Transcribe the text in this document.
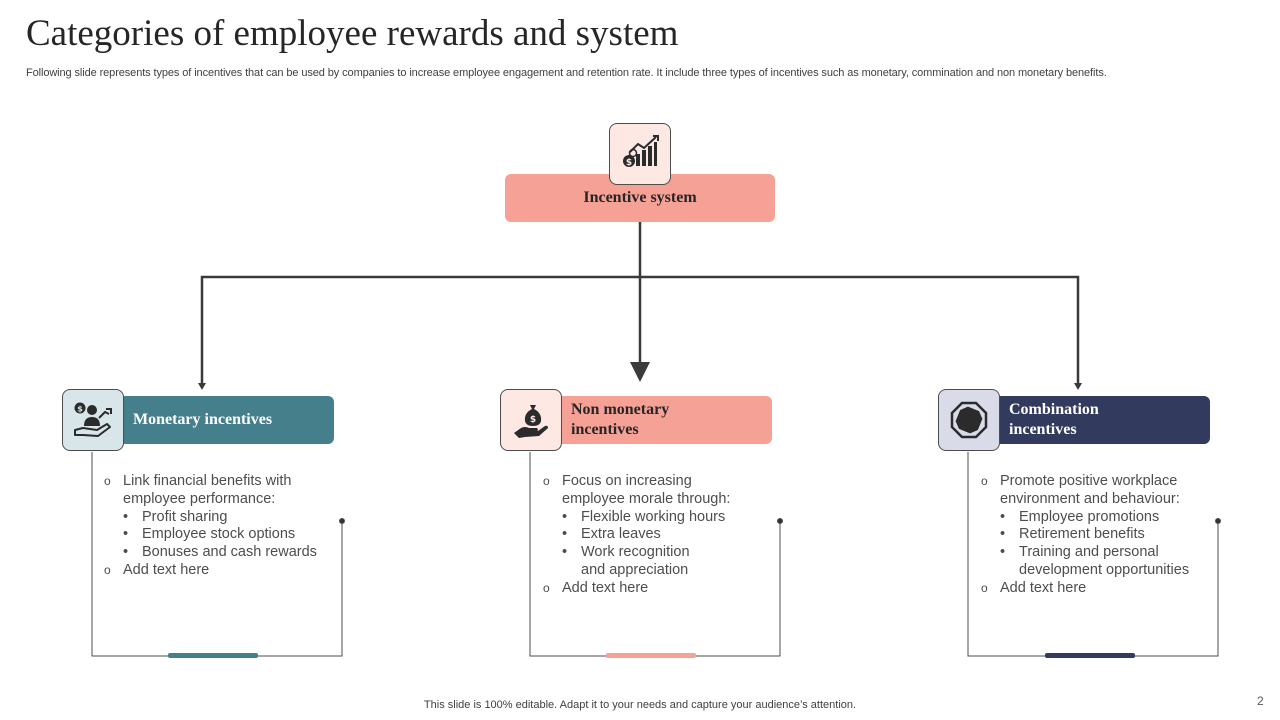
Categories of employee rewards and system
Following slide represents types of incentives that can be used by companies to increase employee engagement and retention rate. It include three types of incentives such as monetary, commination and non monetary benefits.
Incentive system
$
Monetary incentives
$	Non monetary incentives
$
Combination incentives
o Link financial benefits with
employee performance:
• Profit sharing
• Employee stock options
• Bonuses and cash rewards
o Add text here
o Focus on increasing
employee morale through:
• Flexible working hours
• Extra leaves
• Work recognition
and appreciation
o Add text here
o Promote positive workplace
environment and behaviour:
• Employee promotions
• Retirement benefits
• Training and personal
development opportunities
o Add text here
This slide is 100% editable. Adapt it to your needs and capture your audience’s attention.	2
